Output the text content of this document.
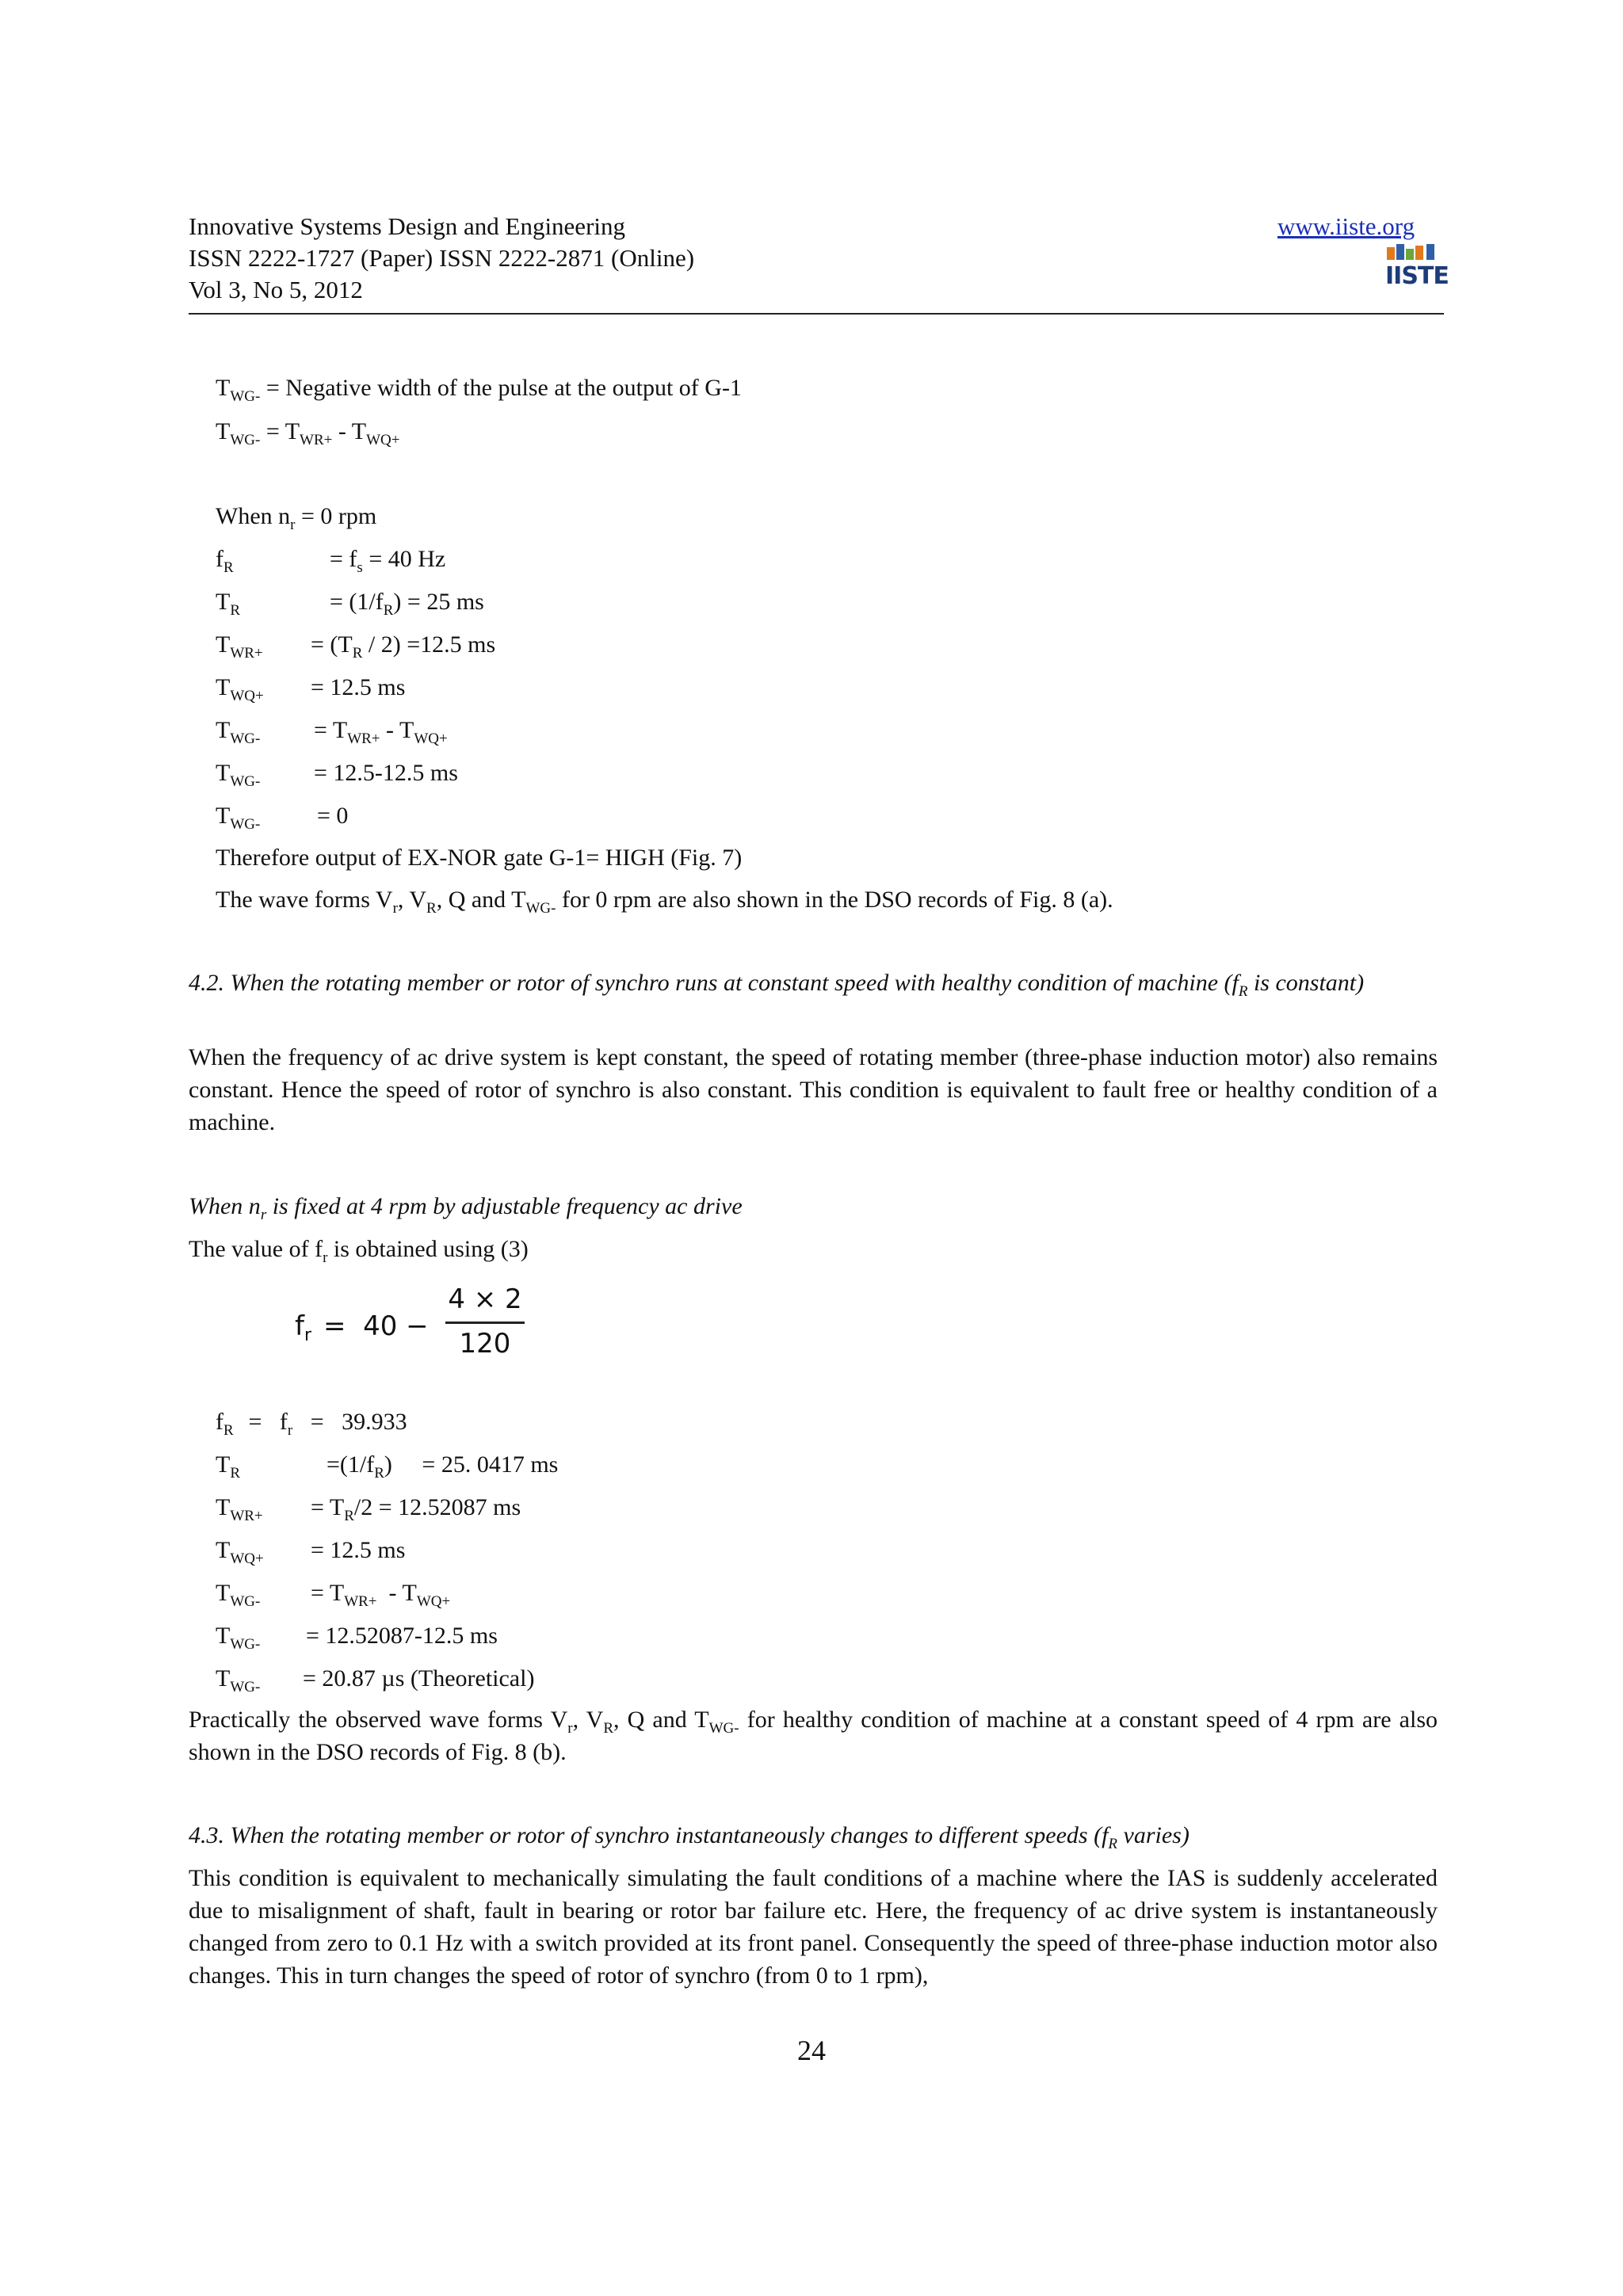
Innovative Systems Design and Engineering
ISSN 2222-1727 (Paper) ISSN 2222-2871 (Online)
Vol 3, No 5, 2012
www.iiste.org
IISTE
$T_{WG-}$ = Negative width of the pulse at the output of G-1
$T_{WG-} = T_{WR+} - T_{WQ+}$
When $n_r = 0$ rpm
$f_R$	= $f_s = 40$ Hz
$T_R$	= $(1/f_R) = 25$ ms
$T_{WR+} = (T_R / 2) =12.5$ ms
$T_{WQ+} = 12.5$ ms
$T_{WG-} = T_{WR+} - T_{WQ+}$
$T_{WG-} = 12.5-12.5$ ms
$T_{WG-} = 0$
Therefore output of EX-NOR gate G-1= HIGH (Fig. 7)
The wave forms $V_r$, $V_R$, Q and $T_{WG-}$ for 0 rpm are also shown in the DSO records of Fig. 8 (a).
4.2. When the rotating member or rotor of synchro runs at constant speed with healthy condition of machine ($f_R$ is constant)
When the frequency of ac drive system is kept constant, the speed of rotating member (three-phase induction motor) also remains constant. Hence the speed of rotor of synchro is also constant. This condition is equivalent to fault free or healthy condition of a machine.
When $n_r$ is fixed at 4 rpm by adjustable frequency ac drive
The value of $f_r$ is obtained using (3)
$f_r = 40$ −
4 × 2
120
$f_R = f_r = 39.933$
$T_R$	$=(1/f_R)$     = 25. 0417 ms
$T_{WR+} = T_R/2 = 12.52087$ ms
$T_{WQ+} = 12.5$ ms
$T_{WG-} = T_{WR+} - T_{WQ+}$
$T_{WG-} = 12.52087-12.5$ ms
$T_{WG-} = 20.87$ µs (Theoretical)
Practically the observed wave forms $V_r$, $V_R$, Q and $T_{WG-}$ for healthy condition of machine at a constant speed of 4 rpm are also shown in the DSO records of Fig. 8 (b).
4.3. When the rotating member or rotor of synchro instantaneously changes to different speeds ($f_R$ varies)
This condition is equivalent to mechanically simulating the fault conditions of a machine where the IAS is suddenly accelerated due to misalignment of shaft, fault in bearing or rotor bar failure etc. Here, the frequency of ac drive system is instantaneously changed from zero to 0.1 Hz with a switch provided at its front panel. Consequently the speed of three-phase induction motor also changes. This in turn changes the speed of rotor of synchro (from 0 to 1 rpm),
24
